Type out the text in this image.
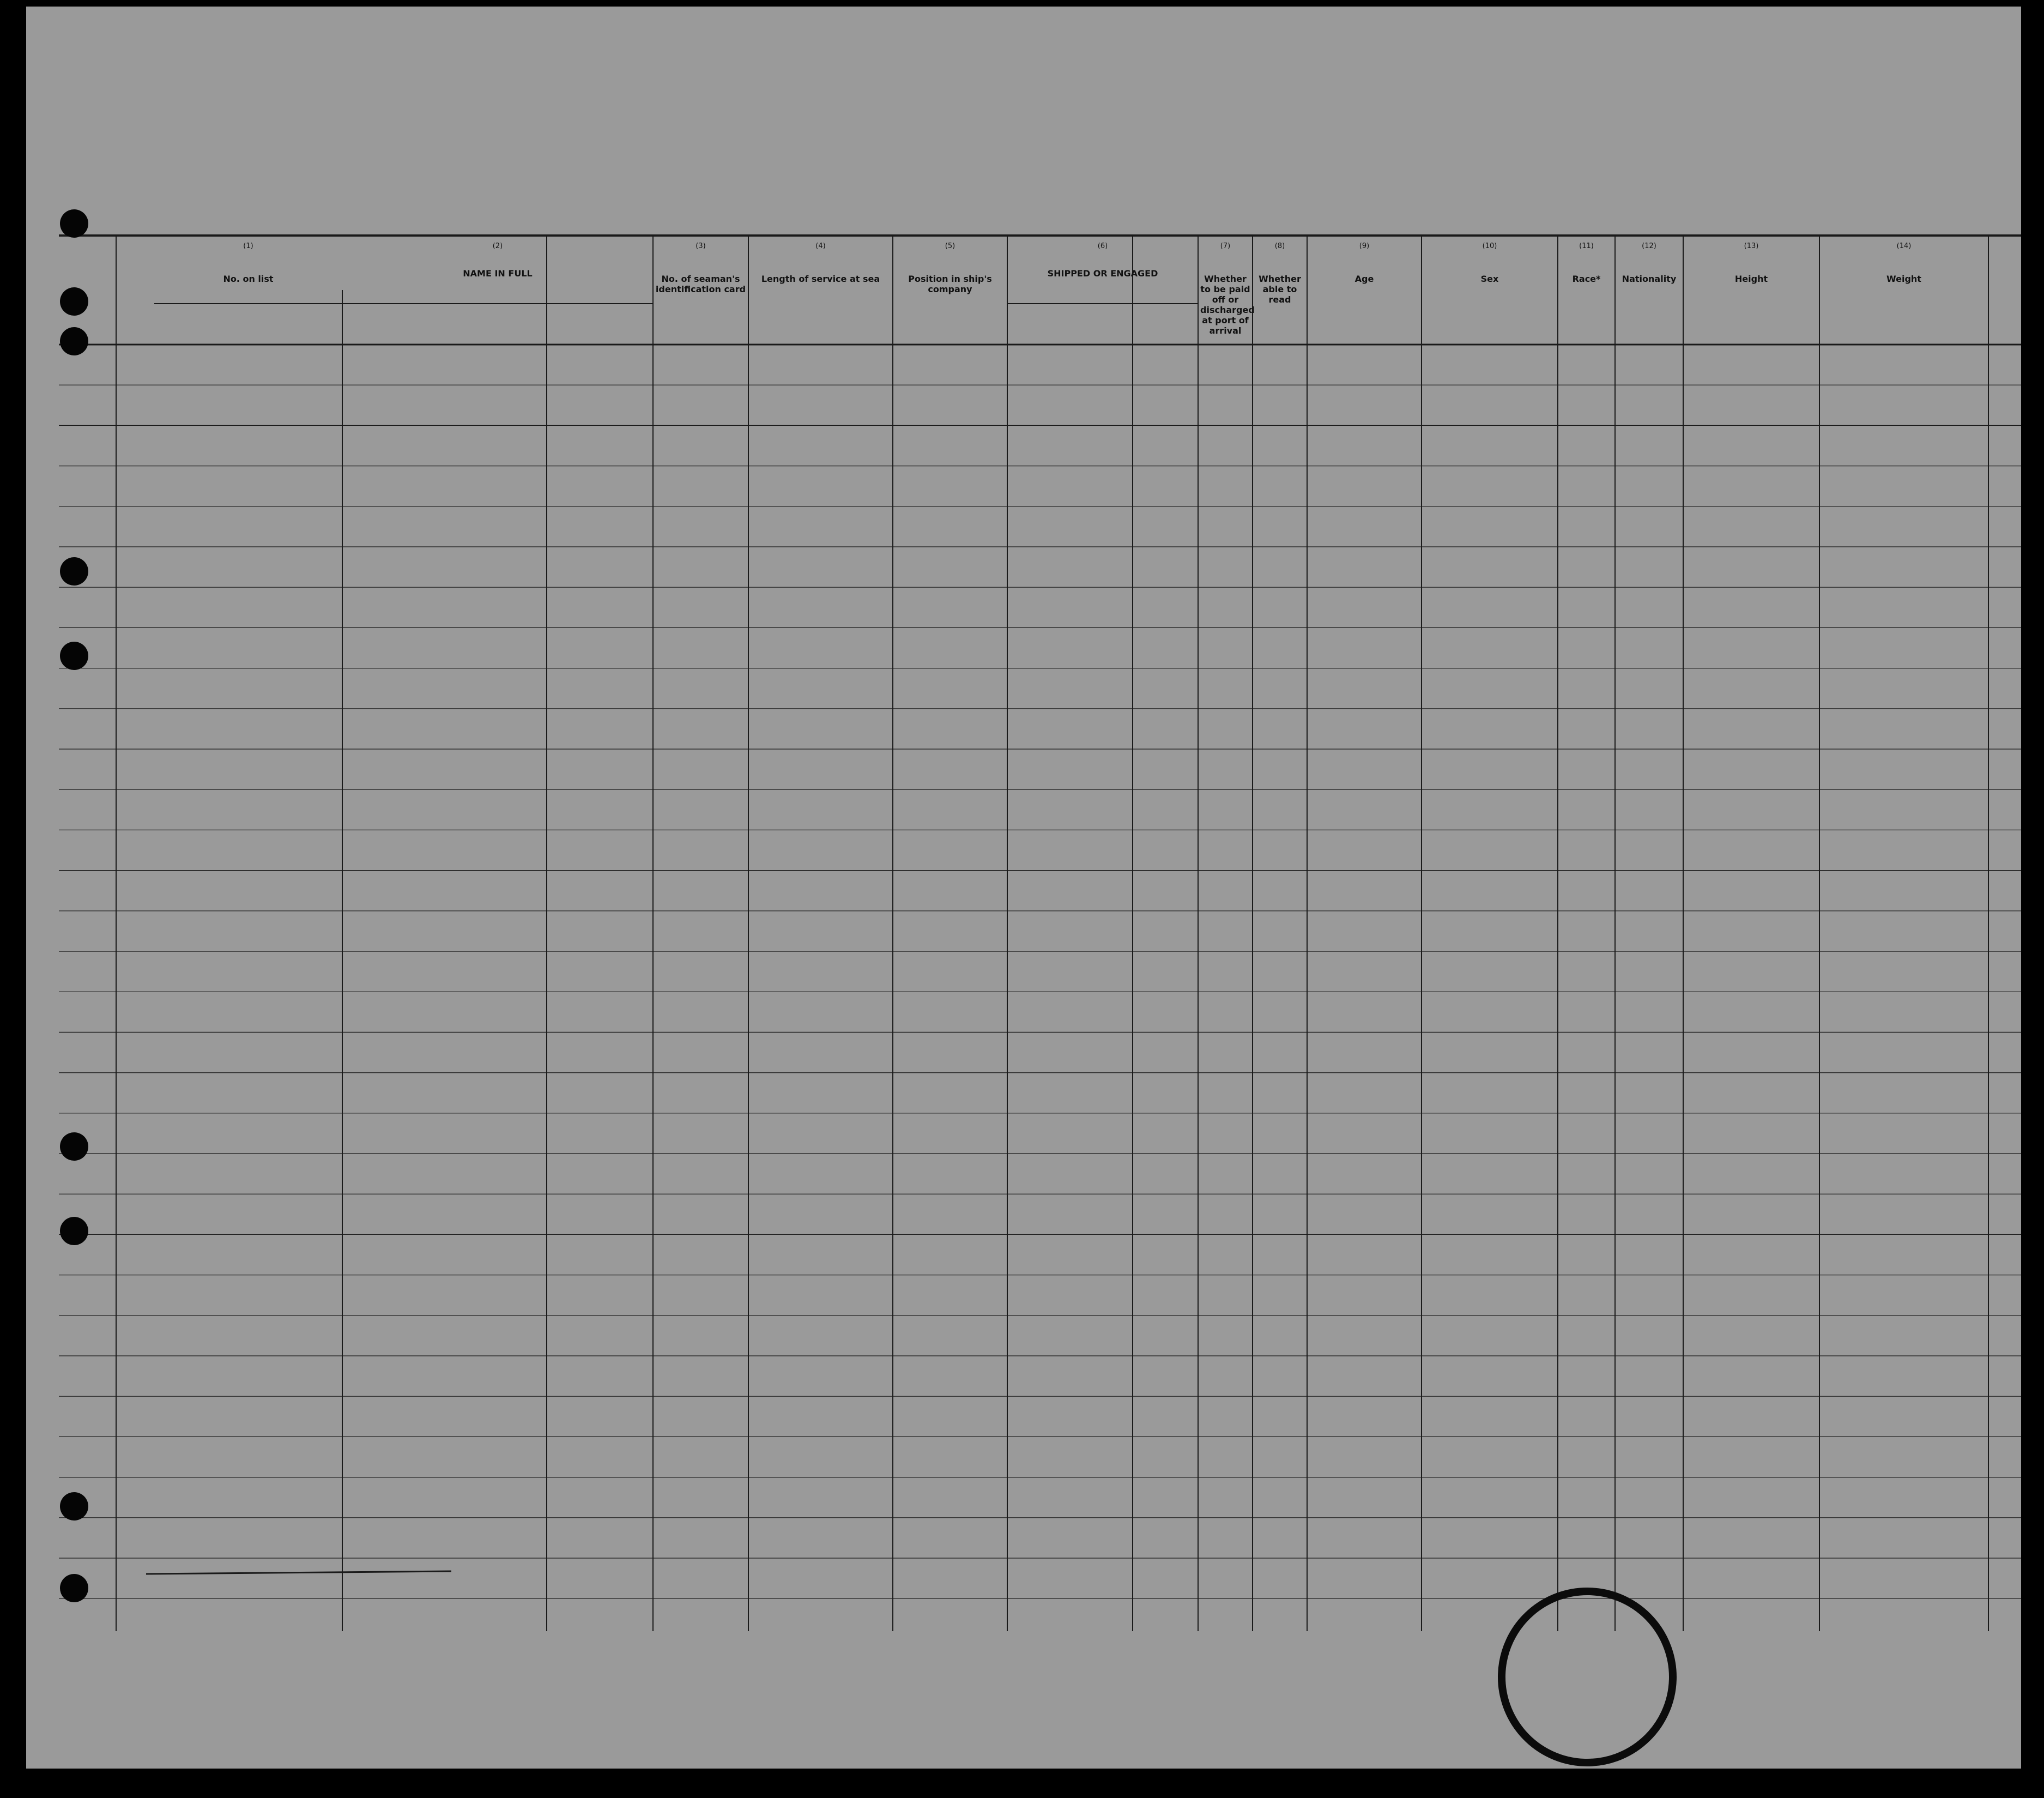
(1)
No. on list
(2)
NAME IN FULL
(3)
No. of seaman's identification card
(4)
Length of service at sea
(5)
Position in ship's company
(6)
SHIPPED OR ENGAGED
(7)
Whether to be paid off or discharged at port of arrival
(8)
Whether able to read
(9)
Age
(10)
Sex
(11)
Race*
(12)
Nationality
(13)
Height
(14)
Weight
